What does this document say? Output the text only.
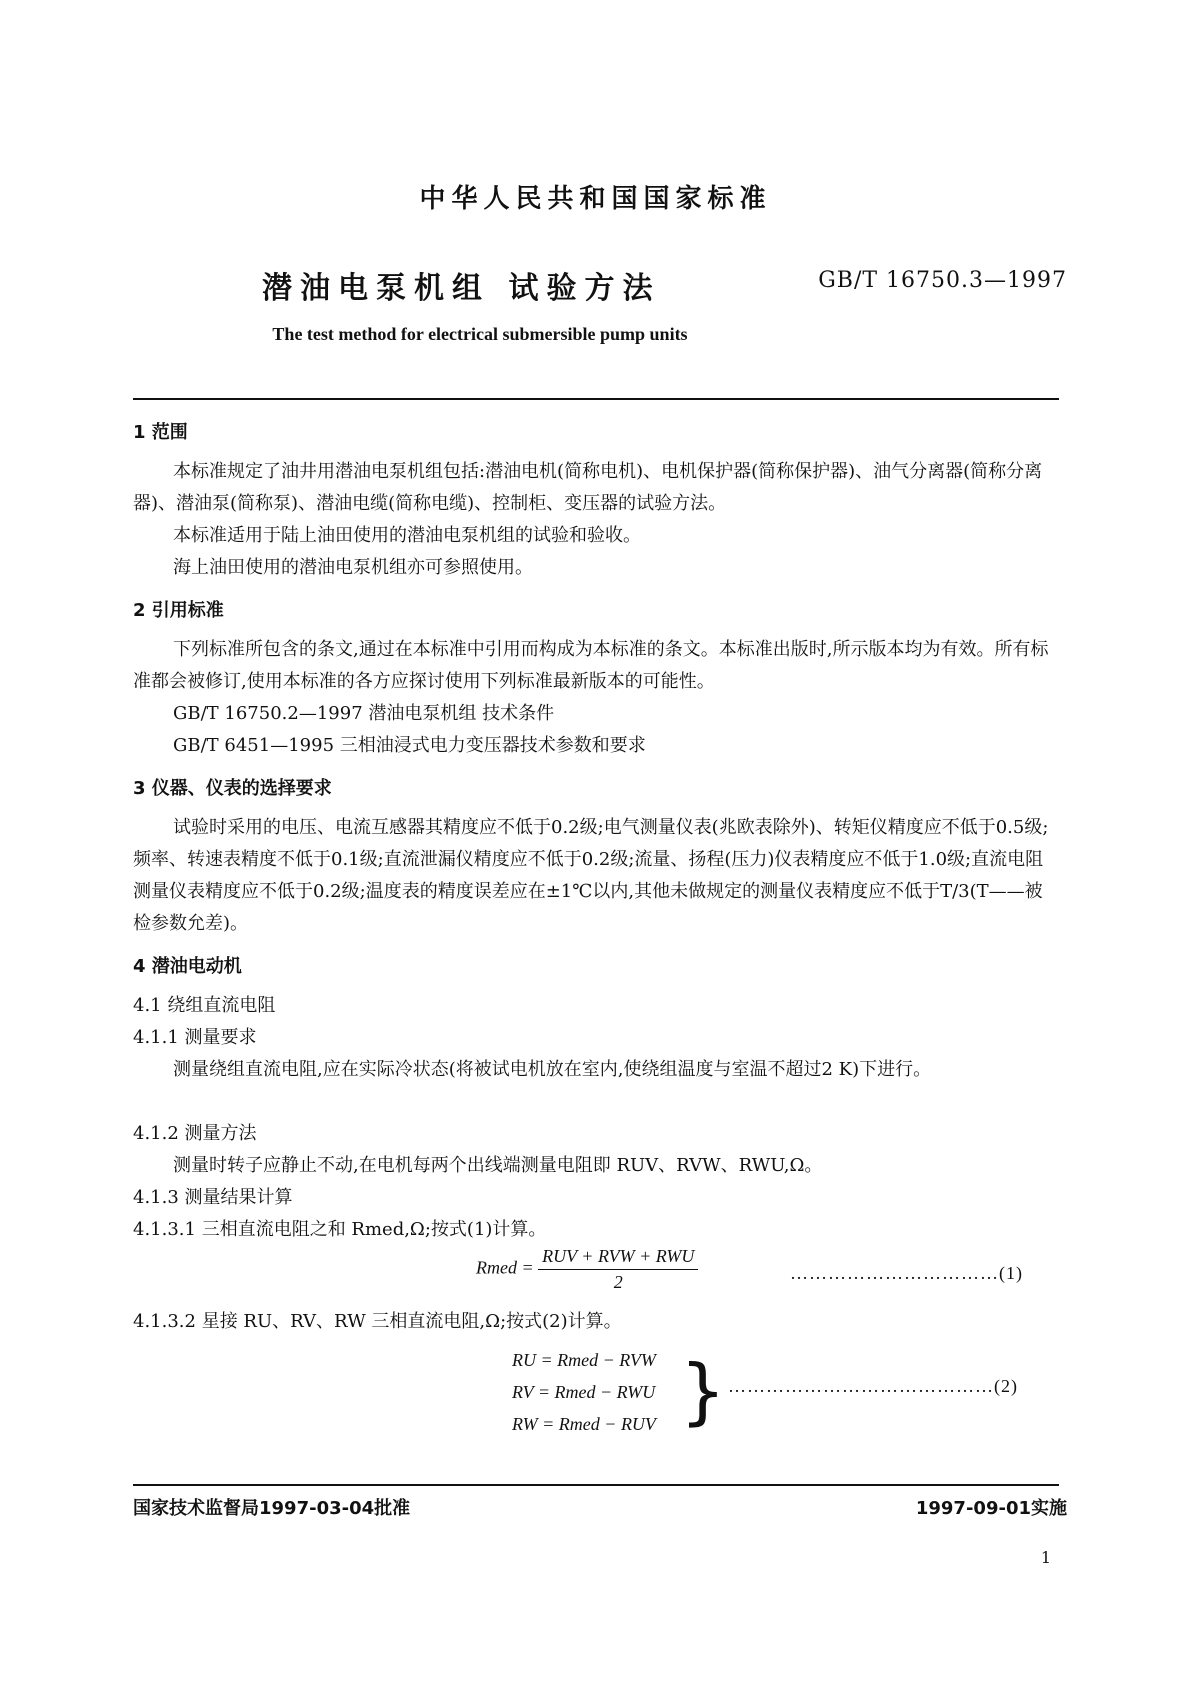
中华人民共和国国家标准
潜油电泵机组 试验方法	GB/T 16750.3—1997
The test method for electrical submersible pump units
1 范围
本标准规定了油井用潜油电泵机组包括:潜油电机(简称电机)、电机保护器(简称保护器)、油气分离器(简称分离器)、潜油泵(简称泵)、潜油电缆(简称电缆)、控制柜、变压器的试验方法。
本标准适用于陆上油田使用的潜油电泵机组的试验和验收。
海上油田使用的潜油电泵机组亦可参照使用。
2 引用标准
下列标准所包含的条文,通过在本标准中引用而构成为本标准的条文。本标准出版时,所示版本均为有效。所有标准都会被修订,使用本标准的各方应探讨使用下列标准最新版本的可能性。
GB/T 16750.2—1997 潜油电泵机组 技术条件
GB/T 6451—1995 三相油浸式电力变压器技术参数和要求
3 仪器、仪表的选择要求
试验时采用的电压、电流互感器其精度应不低于0.2级;电气测量仪表(兆欧表除外)、转矩仪精度应不低于0.5级;频率、转速表精度不低于0.1级;直流泄漏仪精度应不低于0.2级;流量、扬程(压力)仪表精度应不低于1.0级;直流电阻测量仪表精度应不低于0.2级;温度表的精度误差应在±1℃以内,其他未做规定的测量仪表精度应不低于T/3(T——被检参数允差)。
4 潜油电动机
4.1 绕组直流电阻
4.1.1 测量要求
测量绕组直流电阻,应在实际冷状态(将被试电机放在室内,使绕组温度与室温不超过2 K)下进行。
4.1.2 测量方法
测量时转子应静止不动,在电机每两个出线端测量电阻即 RUV、RVW、RWU,Ω。
4.1.3 测量结果计算
4.1.3.1 三相直流电阻之和 Rmed,Ω;按式(1)计算。
Rmed = $\frac{\text{RUV + RVW + RWU}}{2}$	……………………………(1)
4.1.3.2 星接 RU、RV、RW 三相直流电阻,Ω;按式(2)计算。
RU = Rmed − RVW
RV = Rmed − RWU
RW = Rmed − RUV } ……………………………………(2)
国家技术监督局1997-03-04批准	1997-09-01实施
1
